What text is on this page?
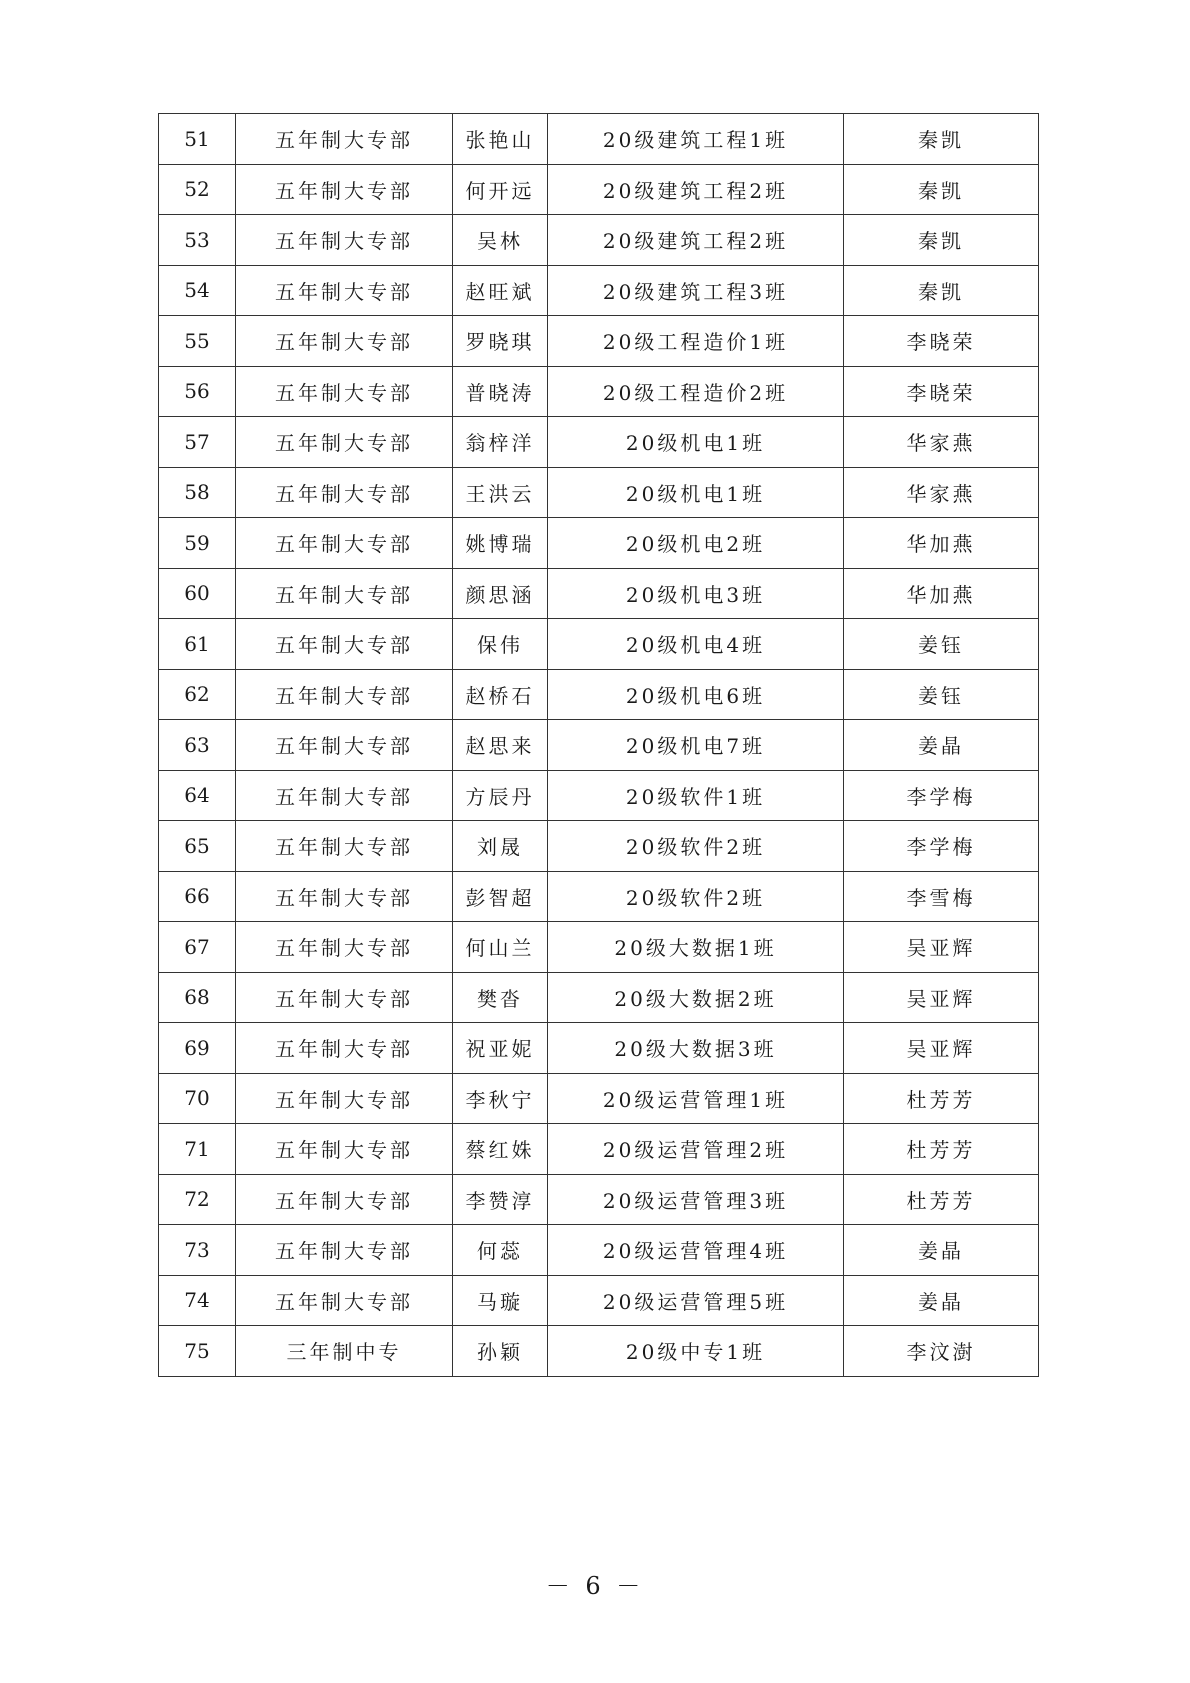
51	五年制大专部	张艳山	20级建筑工程1班	秦凯
52	五年制大专部	何开远	20级建筑工程2班	秦凯
53	五年制大专部	吴林	20级建筑工程2班	秦凯
54	五年制大专部	赵旺斌	20级建筑工程3班	秦凯
55	五年制大专部	罗晓琪	20级工程造价1班	李晓荣
56	五年制大专部	普晓涛	20级工程造价2班	李晓荣
57	五年制大专部	翁梓洋	20级机电1班	华家燕
58	五年制大专部	王洪云	20级机电1班	华家燕
59	五年制大专部	姚博瑞	20级机电2班	华加燕
60	五年制大专部	颜思涵	20级机电3班	华加燕
61	五年制大专部	保伟	20级机电4班	姜钰
62	五年制大专部	赵桥石	20级机电6班	姜钰
63	五年制大专部	赵思来	20级机电7班	姜晶
64	五年制大专部	方辰丹	20级软件1班	李学梅
65	五年制大专部	刘晟	20级软件2班	李学梅
66	五年制大专部	彭智超	20级软件2班	李雪梅
67	五年制大专部	何山兰	20级大数据1班	吴亚辉
68	五年制大专部	樊沓	20级大数据2班	吴亚辉
69	五年制大专部	祝亚妮	20级大数据3班	吴亚辉
70	五年制大专部	李秋宁	20级运营管理1班	杜芳芳
71	五年制大专部	蔡红姝	20级运营管理2班	杜芳芳
72	五年制大专部	李赞淳	20级运营管理3班	杜芳芳
73	五年制大专部	何蕊	20级运营管理4班	姜晶
74	五年制大专部	马璇	20级运营管理5班	姜晶
75	三年制中专	孙颖	20级中专1班	李汶澍
－ 6 －
